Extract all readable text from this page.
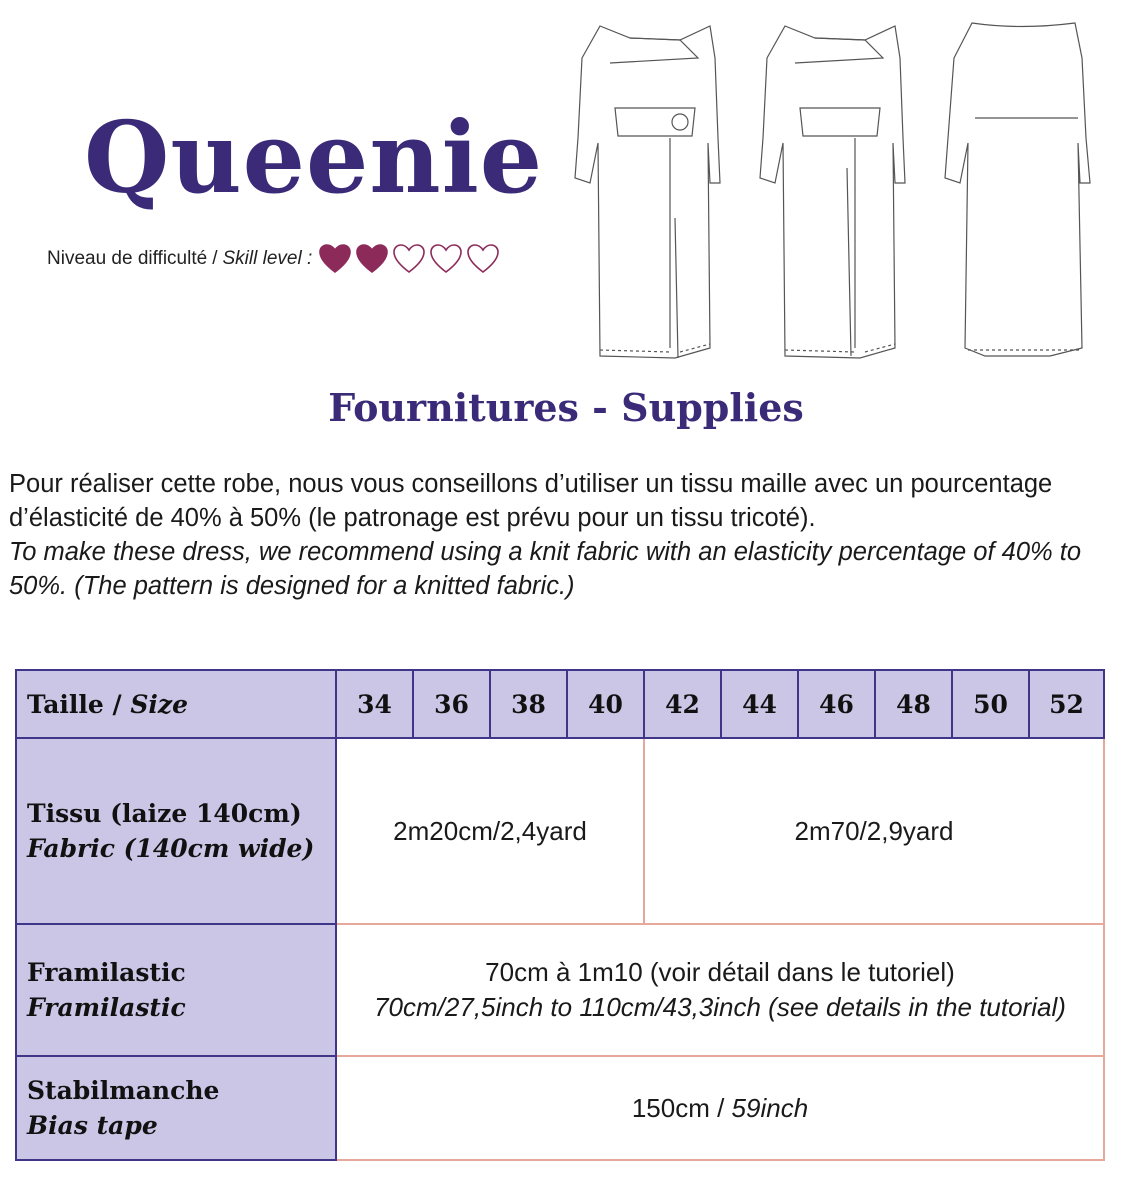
Queenie
Niveau de difficulté / Skill level :
Fournitures - Supplies

Pour réaliser cette robe, nous vous conseillons d’utiliser un tissu maille avec un pourcentage d’élasticité de 40% à 50% (le patronage est prévu pour un tissu tricoté).

To make these dress, we recommend using a knit fabric with an elasticity percentage of 40% to 50%. (The pattern is designed for a knitted fabric.)

Taille / Size	34	36	38	40	42	44	46	48	50	52

Tissu (laize 140cm)
Fabric (140cm wide)	2m20cm/2,4yard				2m70/2,9yard					

Framilastic
Framilastic	70cm à 1m10 (voir détail dans le tutoriel)
70cm/27,5inch to 110cm/43,3inch (see details in the tutorial)									

Stabilmanche
Bias tape	150cm / 59inch									
